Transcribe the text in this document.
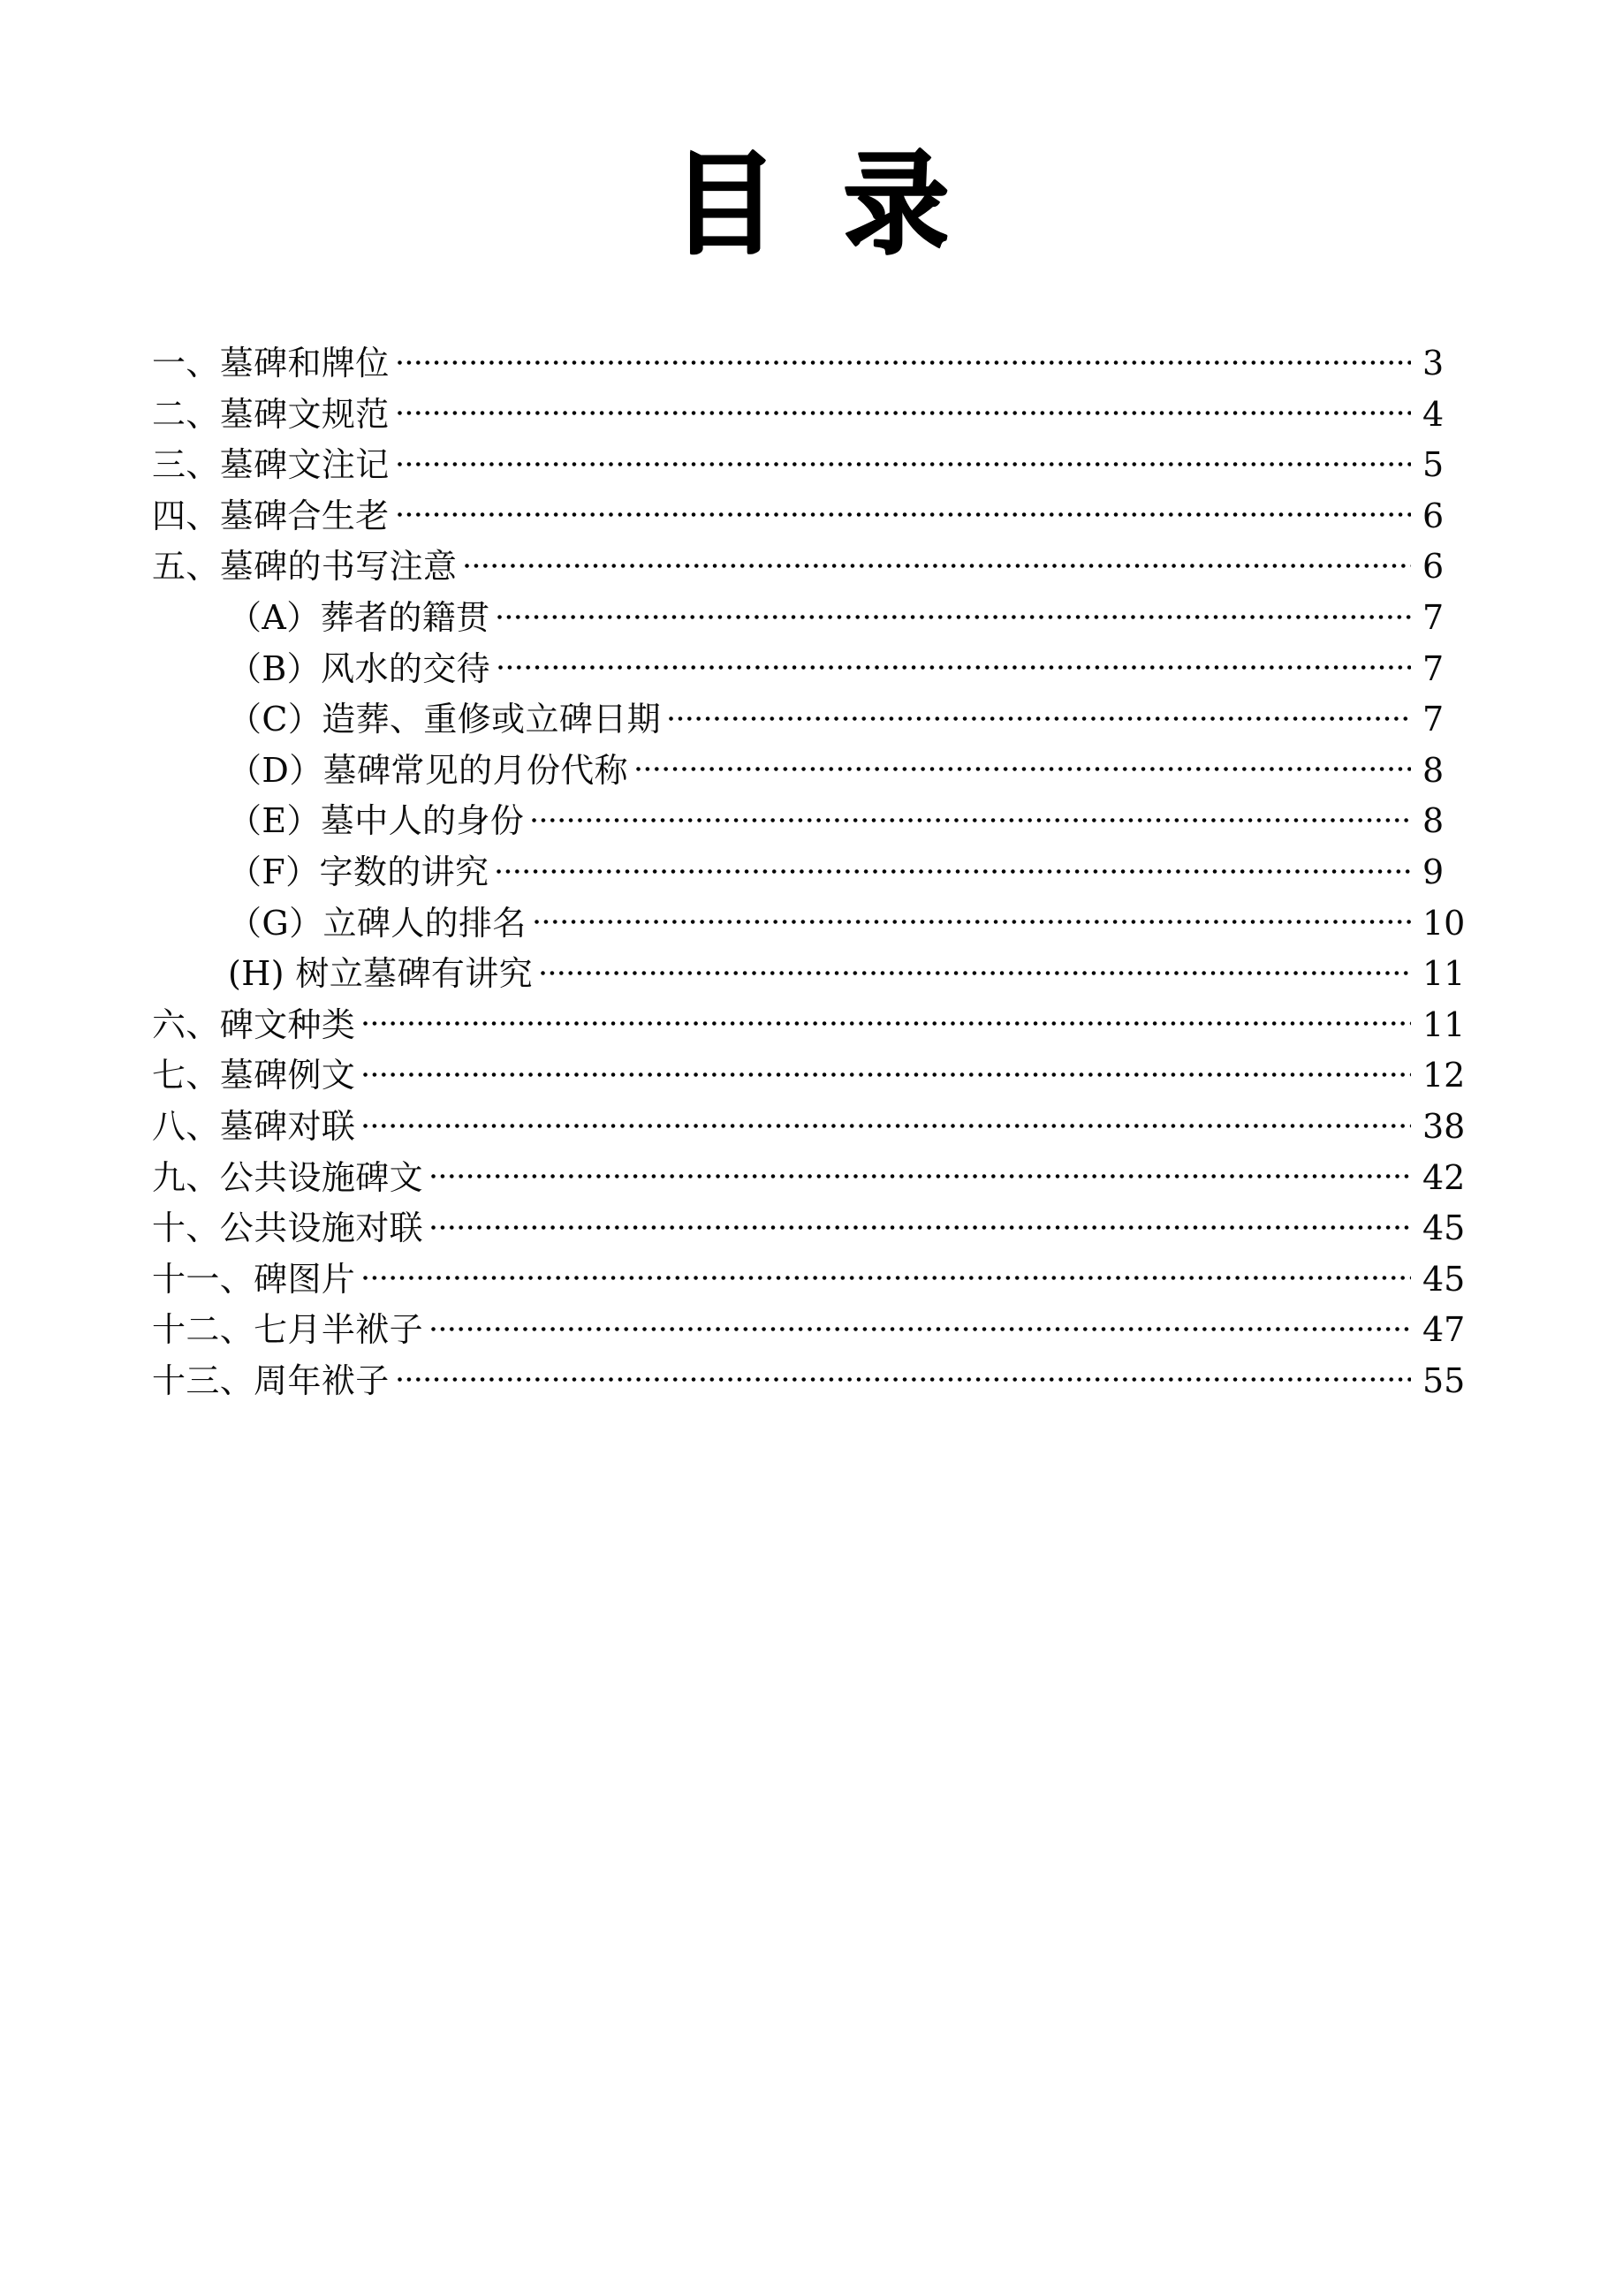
目 录
一、墓碑和牌位	3
二、墓碑文规范	4
三、墓碑文注记	5
四、墓碑合生老	6
五、墓碑的书写注意	6
（A）葬者的籍贯	7
（B）风水的交待	7
（C）造葬、重修或立碑日期	7
（D）墓碑常见的月份代称	8
（E）墓中人的身份	8
（F）字数的讲究	9
（G）立碑人的排名	10
(H) 树立墓碑有讲究	11
六、碑文种类	11
七、墓碑例文	12
八、墓碑对联	38
九、公共设施碑文	42
十、公共设施对联	45
十一、碑图片	45
十二、七月半袱子	47
十三、周年袱子	55
